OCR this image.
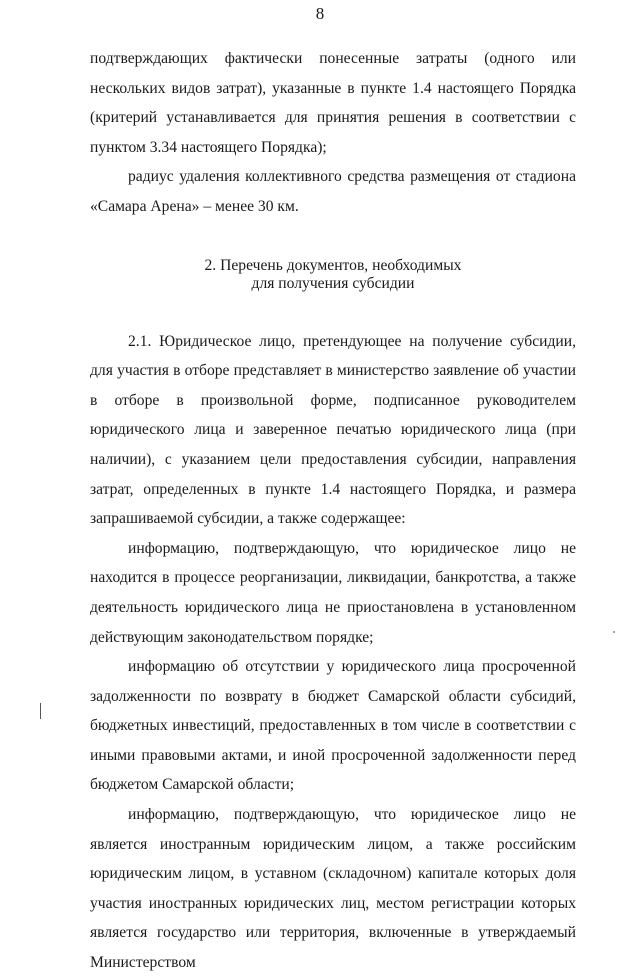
8

подтверждающих фактически понесенные затраты (одного или нескольких видов затрат), указанные в пункте 1.4 настоящего Порядка (критерий устанавливается для принятия решения в соответствии с пунктом 3.34 настоящего Порядка);

радиус удаления коллективного средства размещения от стадиона «Самара Арена» – менее 30 км.

2. Перечень документов, необходимых
для получения субсидии

2.1. Юридическое лицо, претендующее на получение субсидии, для участия в отборе представляет в министерство заявление об участии в отборе в произвольной форме, подписанное руководителем юридического лица и заверенное печатью юридического лица (при наличии), с указанием цели предоставления субсидии, направления затрат, определенных в пункте 1.4 настоящего Порядка, и размера запрашиваемой субсидии, а также содержащее:

информацию, подтверждающую, что юридическое лицо не находится в процессе реорганизации, ликвидации, банкротства, а также деятельность юридического лица не приостановлена в установленном действующим законодательством порядке;

информацию об отсутствии у юридического лица просроченной задолженности по возврату в бюджет Самарской области субсидий, бюджетных инвестиций, предоставленных в том числе в соответствии с иными правовыми актами, и иной просроченной задолженности перед бюджетом Самарской области;

информацию, подтверждающую, что юридическое лицо не является иностранным юридическим лицом, а также российским юридическим лицом, в уставном (складочном) капитале которых доля участия иностранных юридических лиц, местом регистрации которых является государство или территория, включенные в утверждаемый Министерством
